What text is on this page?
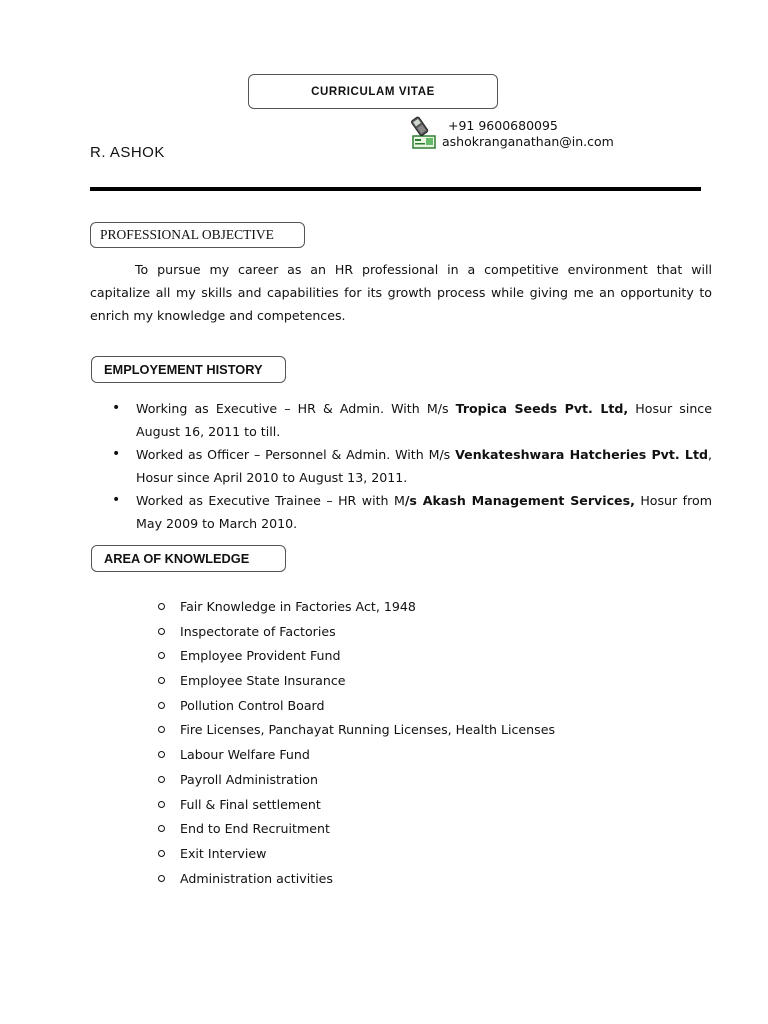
CURRICULAM VITAE
R. ASHOK
+91 9600680095
ashokranganathan@in.com
PROFESSIONAL OBJECTIVE

To pursue my career as an HR professional in a competitive environment that will capitalize all my skills and capabilities for its growth process while giving me an opportunity to enrich my knowledge and competences.

EMPLOYEMENT HISTORY
• Working as Executive – HR & Admin. With M/s Tropica Seeds Pvt. Ltd, Hosur since August 16, 2011 to till.
• Worked as Officer – Personnel & Admin. With M/s Venkateshwara Hatcheries Pvt. Ltd, Hosur since April 2010 to August 13, 2011.
• Worked as Executive Trainee – HR with M/s Akash Management Services, Hosur from May 2009 to March 2010.
AREA OF KNOWLEDGE
Fair Knowledge in Factories Act, 1948
Inspectorate of Factories
Employee Provident Fund
Employee State Insurance
Pollution Control Board
Fire Licenses, Panchayat Running Licenses, Health Licenses
Labour Welfare Fund
Payroll Administration
Full & Final settlement
End to End Recruitment
Exit Interview
Administration activities
